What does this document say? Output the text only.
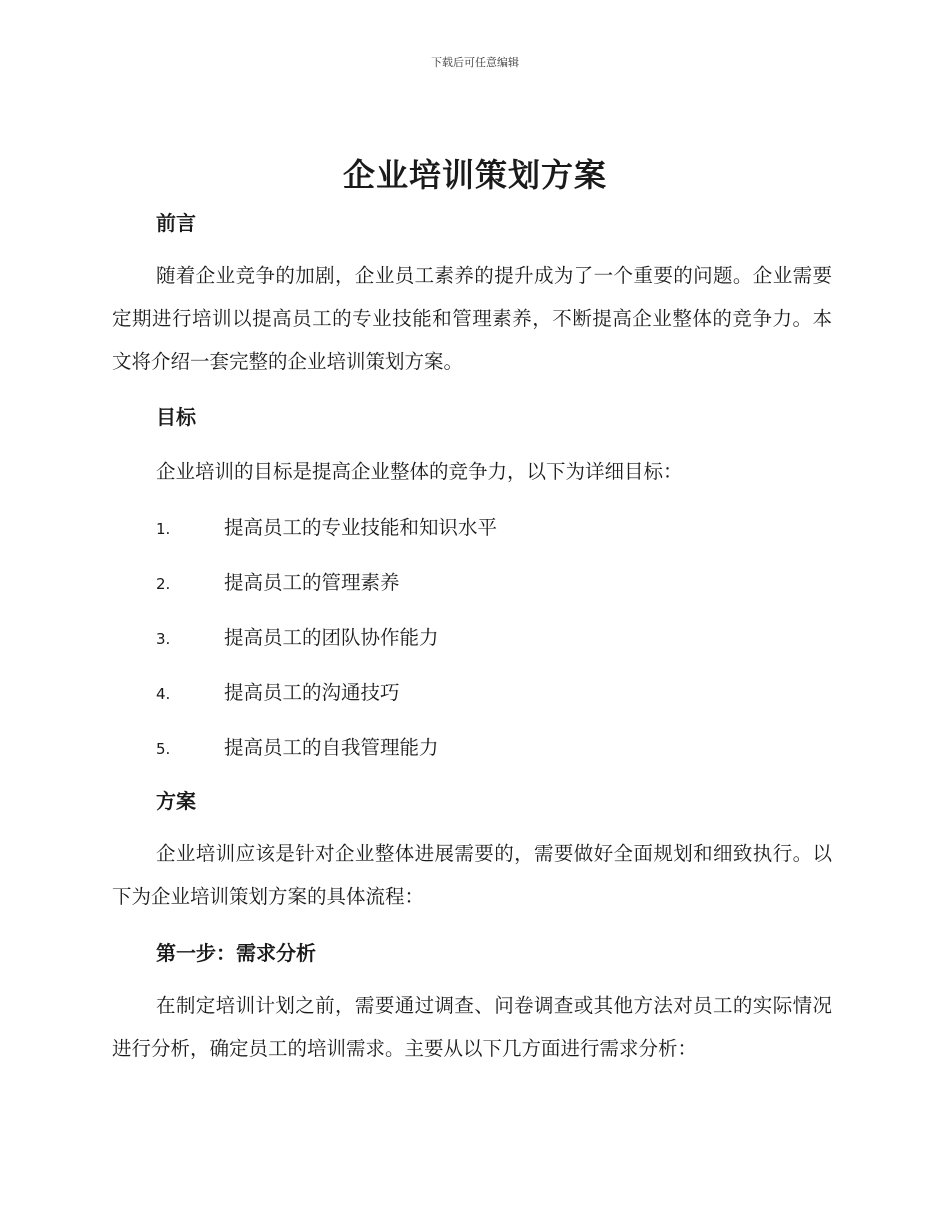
下载后可任意编辑
企业培训策划方案
前言
随着企业竞争的加剧，企业员工素养的提升成为了一个重要的问题。企业需要定期进行培训以提高员工的专业技能和管理素养，不断提高企业整体的竞争力。本文将介绍一套完整的企业培训策划方案。
目标
企业培训的目标是提高企业整体的竞争力，以下为详细目标：
1.	提高员工的专业技能和知识水平
2.	提高员工的管理素养
3.	提高员工的团队协作能力
4.	提高员工的沟通技巧
5.	提高员工的自我管理能力
方案
企业培训应该是针对企业整体进展需要的，需要做好全面规划和细致执行。以下为企业培训策划方案的具体流程：
第一步：需求分析
在制定培训计划之前，需要通过调查、问卷调查或其他方法对员工的实际情况进行分析，确定员工的培训需求。主要从以下几方面进行需求分析：
